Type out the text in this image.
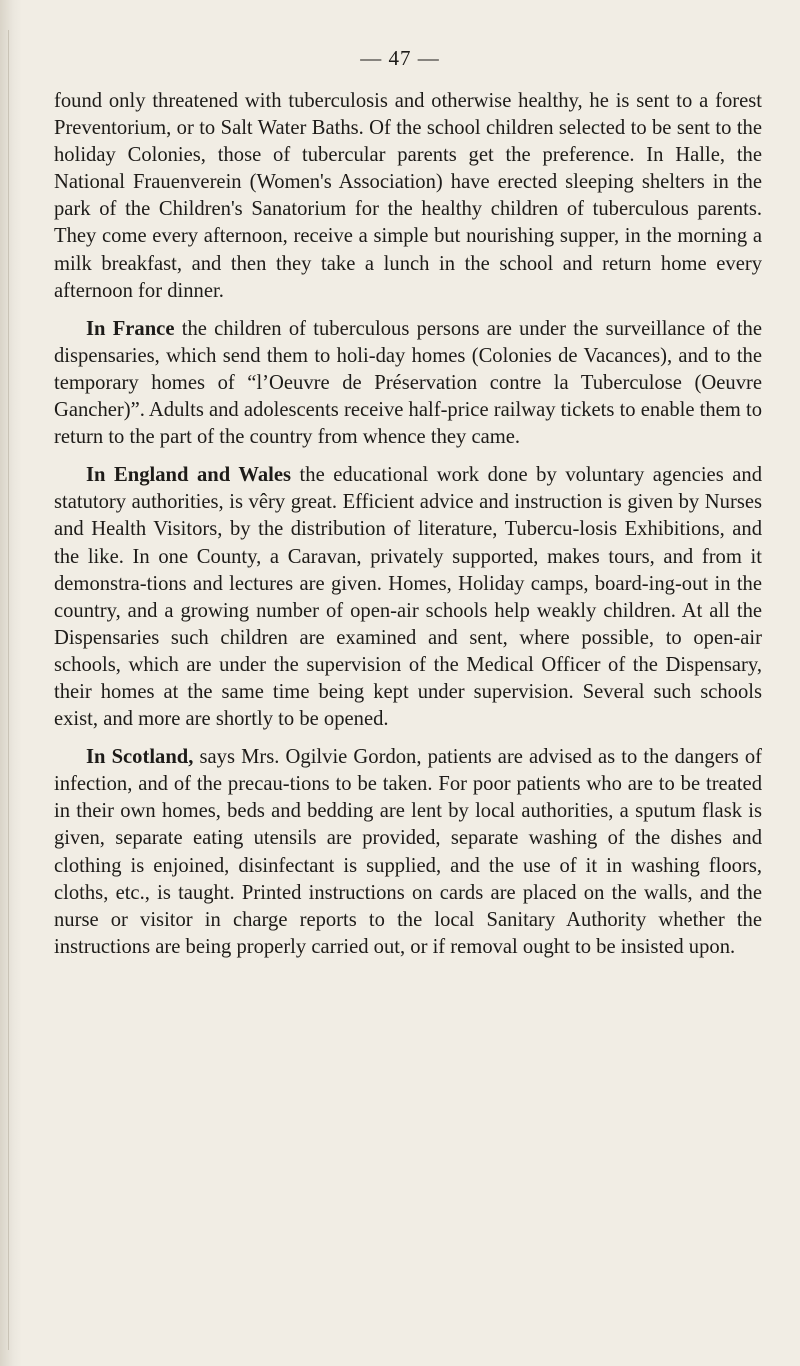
— 47 —

found only threatened with tuberculosis and otherwise healthy, he is sent to a forest Preventorium, or to Salt Water Baths. Of the school children selected to be sent to the holiday Colonies, those of tubercular parents get the preference. In Halle, the National Frauenverein (Women's Association) have erected sleeping shelters in the park of the Children's Sanatorium for the healthy children of tuberculous parents. They come every afternoon, receive a simple but nourishing supper, in the morning a milk breakfast, and then they take a lunch in the school and return home every afternoon for dinner.

In France the children of tuberculous persons are under the surveillance of the dispensaries, which send them to holi-day homes (Colonies de Vacances), and to the temporary homes of “l’Oeuvre de Préservation contre la Tuberculose (Oeuvre Gancher)”. Adults and adolescents receive half-price railway tickets to enable them to return to the part of the country from whence they came.

In England and Wales the educational work done by voluntary agencies and statutory authorities, is vêry great. Efficient advice and instruction is given by Nurses and Health Visitors, by the distribution of literature, Tubercu-losis Exhibitions, and the like. In one County, a Caravan, privately supported, makes tours, and from it demonstra-tions and lectures are given. Homes, Holiday camps, board-ing-out in the country, and a growing number of open-air schools help weakly children. At all the Dispensaries such children are examined and sent, where possible, to open-air schools, which are under the supervision of the Medical Officer of the Dispensary, their homes at the same time being kept under supervision. Several such schools exist, and more are shortly to be opened.

In Scotland, says Mrs. Ogilvie Gordon, patients are advised as to the dangers of infection, and of the precau-tions to be taken. For poor patients who are to be treated in their own homes, beds and bedding are lent by local authorities, a sputum flask is given, separate eating utensils are provided, separate washing of the dishes and clothing is enjoined, disinfectant is supplied, and the use of it in washing floors, cloths, etc., is taught. Printed instructions on cards are placed on the walls, and the nurse or visitor in charge reports to the local Sanitary Authority whether the instructions are being properly carried out, or if removal ought to be insisted upon.
